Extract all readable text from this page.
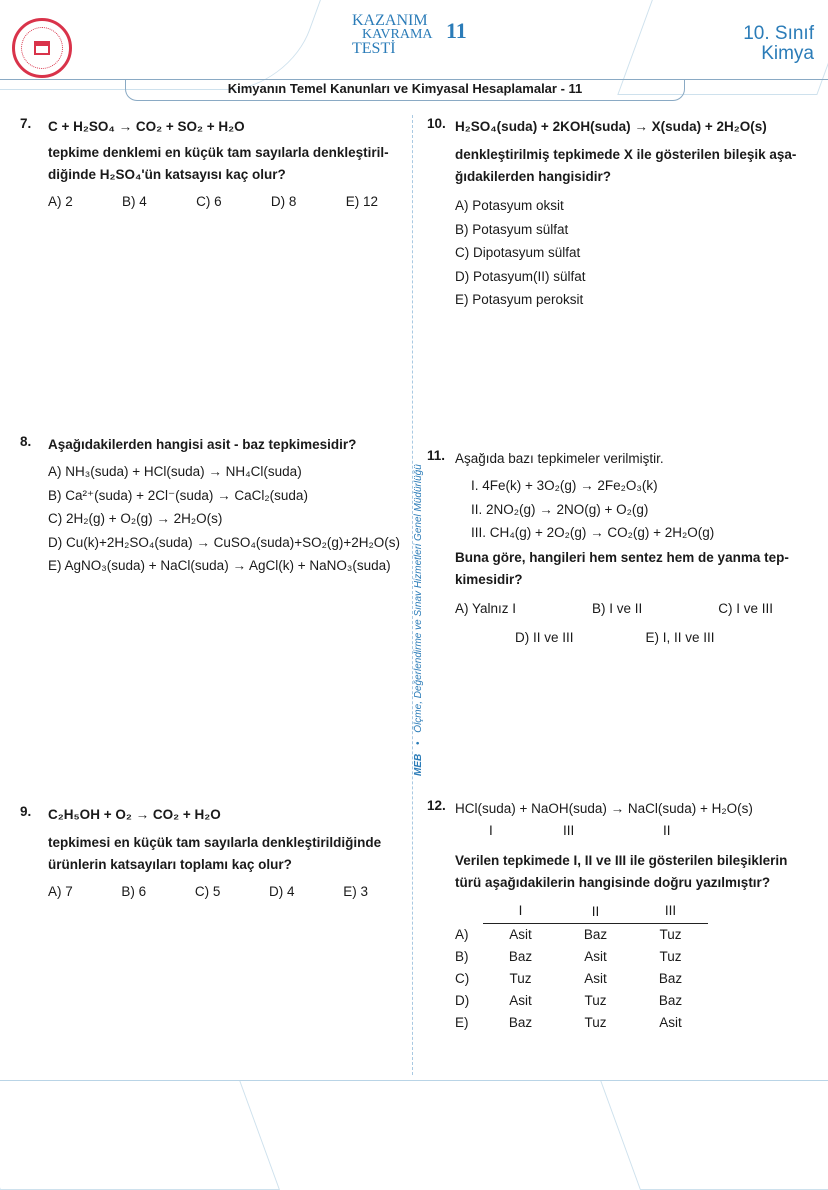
KAZANIM
KAVRAMA
TESTİ
11	10. Sınıf
Kimya
Kimyanın Temel Kanunları ve Kimyasal Hesaplamalar - 11
MEB • Ölçme, Değerlendirme ve Sınav Hizmetleri Genel Müdürlüğü
7. C + H₂SO₄ → CO₂ + SO₂ + H₂O
tepkime denklemi en küçük tam sayılarla denkleştiril-diğinde H₂SO₄'ün katsayısı kaç olur?
A) 2	B) 4	C) 6	D) 8	E) 12
8. Aşağıdakilerden hangisi asit - baz tepkimesidir?
A) NH₃(suda) + HCl(suda) → NH₄Cl(suda)
B) Ca²⁺(suda) + 2Cl⁻(suda) → CaCl₂(suda)
C) 2H₂(g) + O₂(g) → 2H₂O(s)
D) Cu(k)+2H₂SO₄(suda) → CuSO₄(suda)+SO₂(g)+2H₂O(s)
E) AgNO₃(suda) + NaCl(suda) → AgCl(k) + NaNO₃(suda)
9. C₂H₅OH + O₂ → CO₂ + H₂O
tepkimesi en küçük tam sayılarla denkleştirildiğinde ürünlerin katsayıları toplamı kaç olur?
A) 7	B) 6	C) 5	D) 4	E) 3
10. H₂SO₄(suda) + 2KOH(suda) → X(suda) + 2H₂O(s)
denkleştirilmiş tepkimede X ile gösterilen bileşik aşa-ğıdakilerden hangisidir?
A) Potasyum oksit
B) Potasyum sülfat
C) Dipotasyum sülfat
D) Potasyum(II) sülfat
E) Potasyum peroksit
11. Aşağıda bazı tepkimeler verilmiştir.
I. 4Fe(k) + 3O₂(g) → 2Fe₂O₃(k)
II. 2NO₂(g) → 2NO(g) + O₂(g)
III. CH₄(g) + 2O₂(g) → CO₂(g) + 2H₂O(g)
Buna göre, hangileri hem sentez hem de yanma tep-kimesidir?
A) Yalnız I	B) I ve II	C) I ve III
D) II ve III	E) I, II ve III
12. HCl(suda) + NaOH(suda) → NaCl(suda) + H₂O(s)
I	III	II
Verilen tepkimede I, II ve III ile gösterilen bileşiklerin türü aşağıdakilerin hangisinde doğru yazılmıştır?
	I	II	III
A)	Asit	Baz	Tuz
B)	Baz	Asit	Tuz
C)	Tuz	Asit	Baz
D)	Asit	Tuz	Baz
E)	Baz	Tuz	Asit
